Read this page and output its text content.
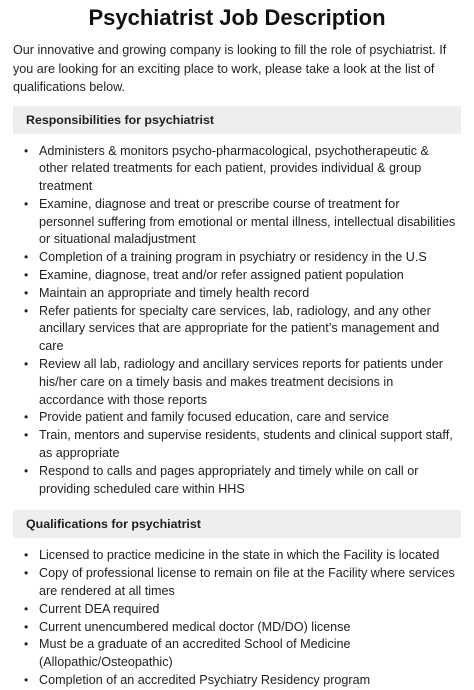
Psychiatrist Job Description

Our innovative and growing company is looking to fill the role of psychiatrist. If you are looking for an exciting place to work, please take a look at the list of qualifications below.

Responsibilities for psychiatrist
• Administers & monitors psycho-pharmacological, psychotherapeutic & other related treatments for each patient, provides individual & group treatment
• Examine, diagnose and treat or prescribe course of treatment for personnel suffering from emotional or mental illness, intellectual disabilities or situational maladjustment
• Completion of a training program in psychiatry or residency in the U.S
• Examine, diagnose, treat and/or refer assigned patient population
• Maintain an appropriate and timely health record
• Refer patients for specialty care services, lab, radiology, and any other ancillary services that are appropriate for the patient’s management and care
• Review all lab, radiology and ancillary services reports for patients under his/her care on a timely basis and makes treatment decisions in accordance with those reports
• Provide patient and family focused education, care and service
• Train, mentors and supervise residents, students and clinical support staff, as appropriate
• Respond to calls and pages appropriately and timely while on call or providing scheduled care within HHS
Qualifications for psychiatrist
• Licensed to practice medicine in the state in which the Facility is located
• Copy of professional license to remain on file at the Facility where services are rendered at all times
• Current DEA required
• Current unencumbered medical doctor (MD/DO) license
• Must be a graduate of an accredited School of Medicine (Allopathic/Osteopathic)
• Completion of an accredited Psychiatry Residency program
